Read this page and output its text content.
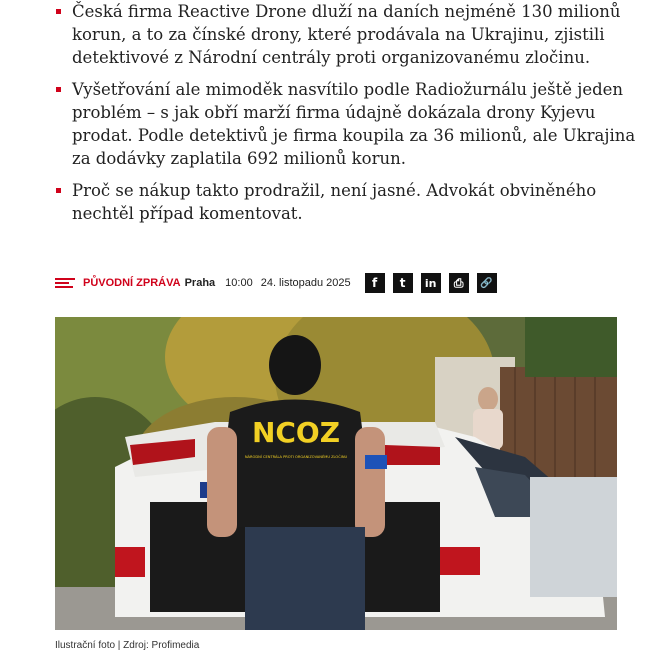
Česká firma Reactive Drone dluží na daních nejméně 130 milionů korun, a to za čínské drony, které prodávala na Ukrajinu, zjistili detektivové z Národní centrály proti organizovanému zločinu.
Vyšetřování ale mimoděk nasvítilo podle Radiožurnálu ještě jeden problém – s jak obří marží firma údajně dokázala drony Kyjevu prodat. Podle detektivů je firma koupila za 36 milionů, ale Ukrajina za dodávky zaplatila 692 milionů korun.
Proč se nákup takto prodražil, není jasné. Advokát obviněného nechtěl případ komentovat.
PŮVODNÍ ZPRÁVA Praha 10:00 24. listopadu 2025 f t in ⎙ 🔗
NCOZ
NÁRODNÍ CENTRÁLA PROTI ORGANIZOVANÉMU ZLOČINU
Ilustrační foto | Zdroj: Profimedia
